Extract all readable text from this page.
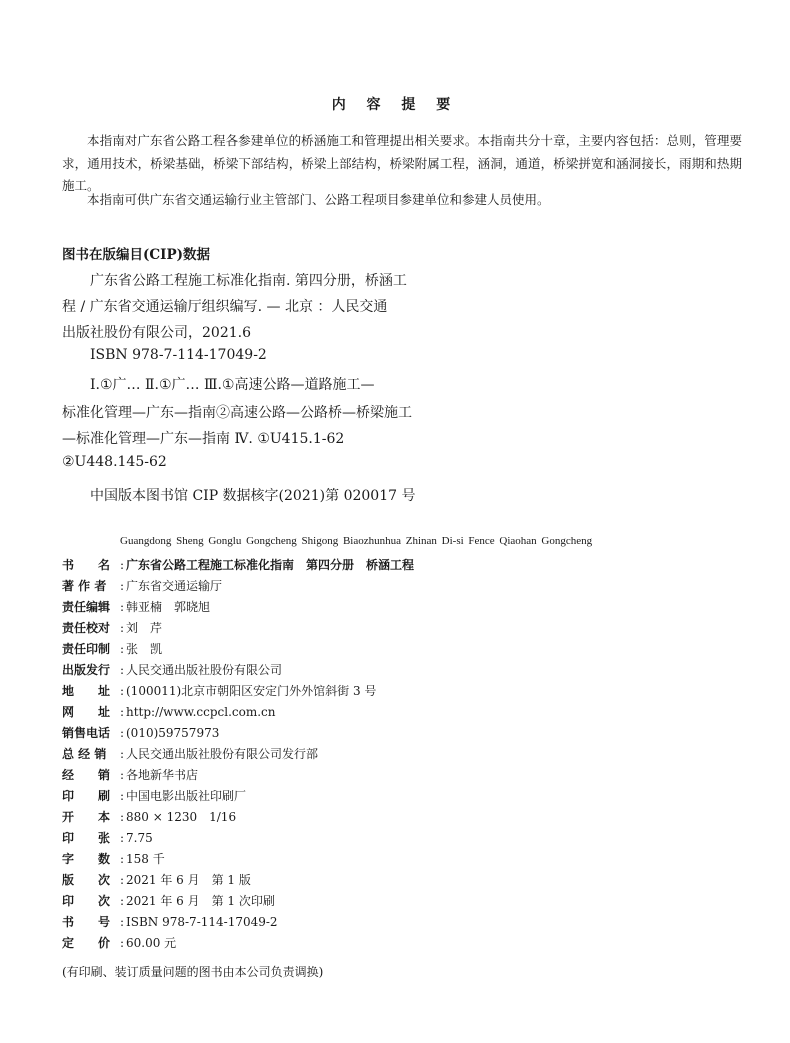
内 容 提 要
本指南对广东省公路工程各参建单位的桥涵施工和管理提出相关要求。本指南共分十章，主要内容包括：总则，管理要求，通用技术，桥梁基础，桥梁下部结构，桥梁上部结构，桥梁附属工程，涵洞，通道，桥梁拼宽和涵洞接长，雨期和热期施工。
本指南可供广东省交通运输行业主管部门、公路工程项目参建单位和参建人员使用。
图书在版编目(CIP)数据
广东省公路工程施工标准化指南. 第四分册，桥涵工
程 / 广东省交通运输厅组织编写. — 北京 ：人民交通
出版社股份有限公司，2021.6
ISBN 978-7-114-17049-2
Ⅰ.①广… Ⅱ.①广… Ⅲ.①高速公路—道路施工—
标准化管理—广东—指南②高速公路—公路桥—桥梁施工
—标准化管理—广东—指南 Ⅳ. ①U415.1-62
②U448.145-62
中国版本图书馆 CIP 数据核字(2021)第 020017 号
Guangdong Sheng Gonglu Gongcheng Shigong Biaozhunhua Zhinan Di-si Fence Qiaohan Gongcheng
书　　名 : 广东省公路工程施工标准化指南　第四分册　桥涵工程
著 作 者 : 广东省交通运输厅
责任编辑 : 韩亚楠　郭晓旭
责任校对 : 刘　芹
责任印制 : 张　凯
出版发行 : 人民交通出版社股份有限公司
地　　址 : (100011)北京市朝阳区安定门外外馆斜街 3 号
网　　址 : http://www.ccpcl.com.cn
销售电话 : (010)59757973
总 经 销 : 人民交通出版社股份有限公司发行部
经　　销 : 各地新华书店
印　　刷 : 中国电影出版社印刷厂
开　　本 : 880 × 1230　1/16
印　　张 : 7.75
字　　数 : 158 千
版　　次 : 2021 年 6 月　第 1 版
印　　次 : 2021 年 6 月　第 1 次印刷
书　　号 : ISBN 978-7-114-17049-2
定　　价 : 60.00 元
(有印刷、装订质量问题的图书由本公司负责调换)
